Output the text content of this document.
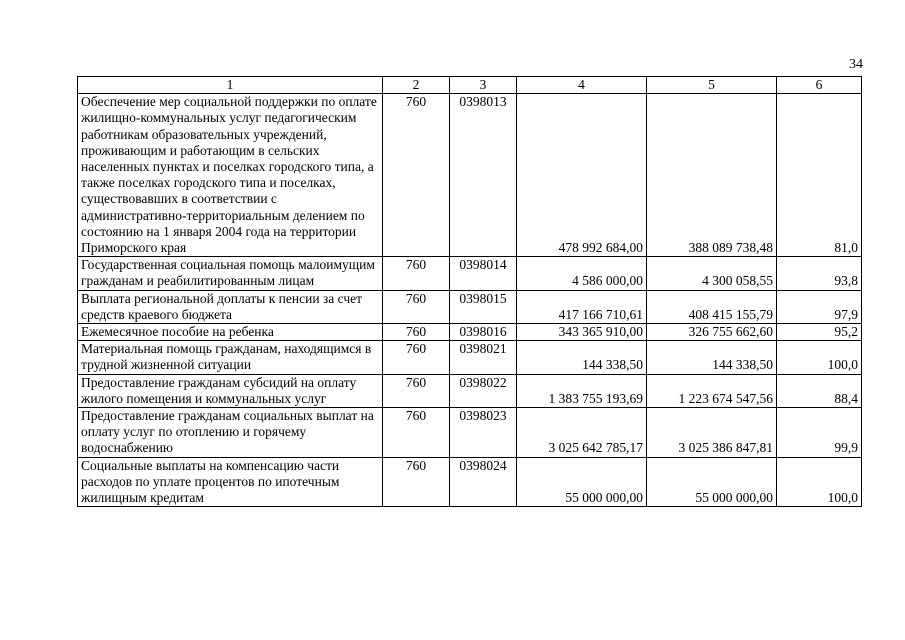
34
1	2	3	4	5	6
Обеспечение мер социальной поддержки по оплате жилищно-коммунальных услуг педагогическим работникам образовательных учреждений, проживающим и работающим в сельских населенных пунктах и поселках городского типа, а также поселках городского типа и поселках, существовавших в соответствии с административно-территориальным делением по состоянию на 1 января 2004 года на территории Приморского края	760	0398013	478 992 684,00	388 089 738,48	81,0
Государственная социальная помощь малоимущим гражданам и реабилитированным лицам	760	0398014	4 586 000,00	4 300 058,55	93,8
Выплата региональной доплаты к пенсии за счет средств краевого бюджета	760	0398015	417 166 710,61	408 415 155,79	97,9
Ежемесячное пособие на ребенка	760	0398016	343 365 910,00	326 755 662,60	95,2
Материальная помощь гражданам, находящимся в трудной жизненной ситуации	760	0398021	144 338,50	144 338,50	100,0
Предоставление гражданам субсидий на оплату жилого помещения и коммунальных услуг	760	0398022	1 383 755 193,69	1 223 674 547,56	88,4
Предоставление гражданам социальных выплат на оплату услуг по отоплению и горячему водоснабжению	760	0398023	3 025 642 785,17	3 025 386 847,81	99,9
Социальные выплаты на компенсацию части расходов по уплате процентов по ипотечным жилищным кредитам	760	0398024	55 000 000,00	55 000 000,00	100,0
